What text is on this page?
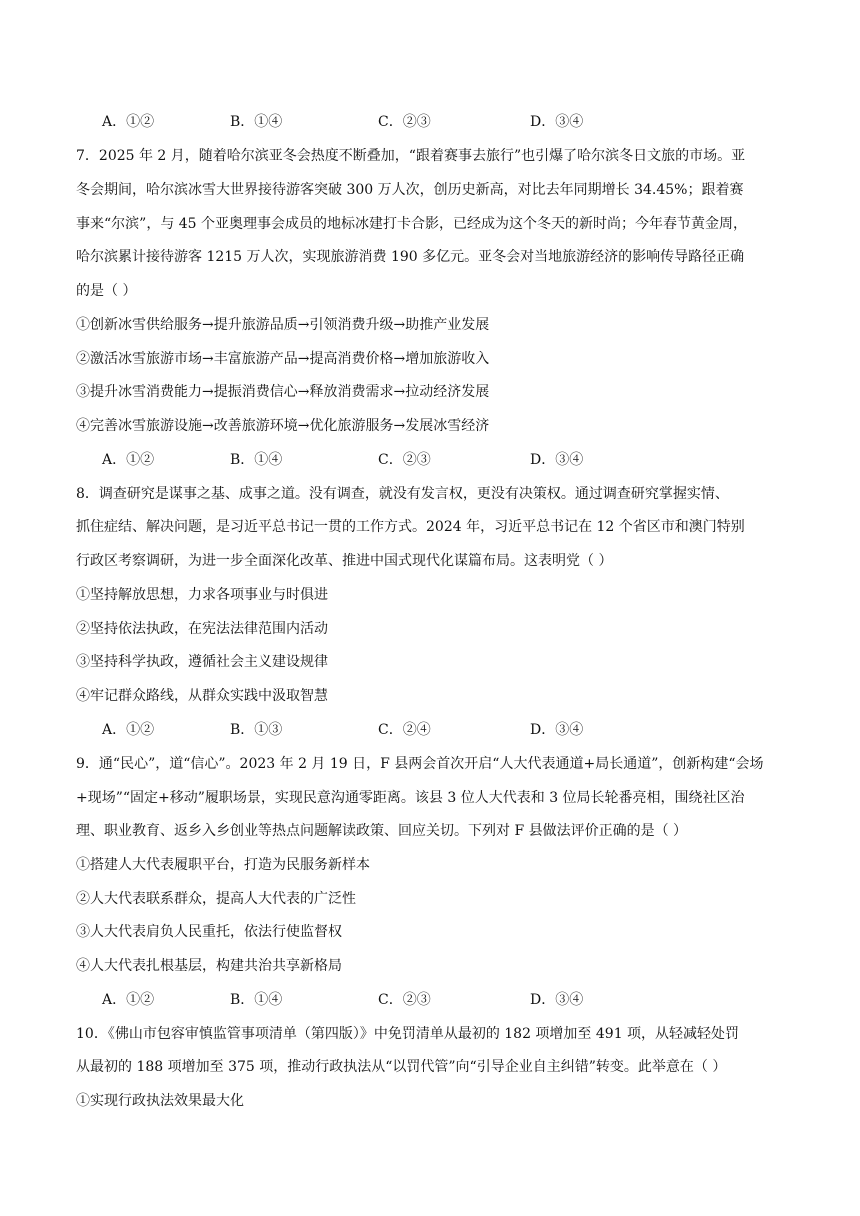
A．①②	B．①④	C．②③	D．③④
7．2025 年 2 月，随着哈尔滨亚冬会热度不断叠加，“跟着赛事去旅行”也引爆了哈尔滨冬日文旅的市场。亚
冬会期间，哈尔滨冰雪大世界接待游客突破 300 万人次，创历史新高，对比去年同期增长 34.45%；跟着赛
事来“尔滨”，与 45 个亚奥理事会成员的地标冰建打卡合影，已经成为这个冬天的新时尚；今年春节黄金周，
哈尔滨累计接待游客 1215 万人次，实现旅游消费 190 多亿元。亚冬会对当地旅游经济的影响传导路径正确
的是（ ）
①创新冰雪供给服务→提升旅游品质→引领消费升级→助推产业发展
②激活冰雪旅游市场→丰富旅游产品→提高消费价格→增加旅游收入
③提升冰雪消费能力→提振消费信心→释放消费需求→拉动经济发展
④完善冰雪旅游设施→改善旅游环境→优化旅游服务→发展冰雪经济
A．①②	B．①④	C．②③	D．③④
8．调查研究是谋事之基、成事之道。没有调查，就没有发言权，更没有决策权。通过调查研究掌握实情、
抓住症结、解决问题，是习近平总书记一贯的工作方式。2024 年，习近平总书记在 12 个省区市和澳门特别
行政区考察调研，为进一步全面深化改革、推进中国式现代化谋篇布局。这表明党（ ）
①坚持解放思想，力求各项事业与时俱进
②坚持依法执政，在宪法法律范围内活动
③坚持科学执政，遵循社会主义建设规律
④牢记群众路线，从群众实践中汲取智慧
A．①②	B．①③	C．②④	D．③④
9．通“民心”，道“信心”。2023 年 2 月 19 日，F 县两会首次开启“人大代表通道+局长通道”，创新构建“会场
+现场”“固定+移动”履职场景，实现民意沟通零距离。该县 3 位人大代表和 3 位局长轮番亮相，围绕社区治
理、职业教育、返乡入乡创业等热点问题解读政策、回应关切。下列对 F 县做法评价正确的是（ ）
①搭建人大代表履职平台，打造为民服务新样本
②人大代表联系群众，提高人大代表的广泛性
③人大代表肩负人民重托，依法行使监督权
④人大代表扎根基层，构建共治共享新格局
A．①②	B．①④	C．②③	D．③④
10．《佛山市包容审慎监管事项清单（第四版）》中免罚清单从最初的 182 项增加至 491 项，从轻减轻处罚
从最初的 188 项增加至 375 项，推动行政执法从“以罚代管”向“引导企业自主纠错”转变。此举意在（ ）
①实现行政执法效果最大化
